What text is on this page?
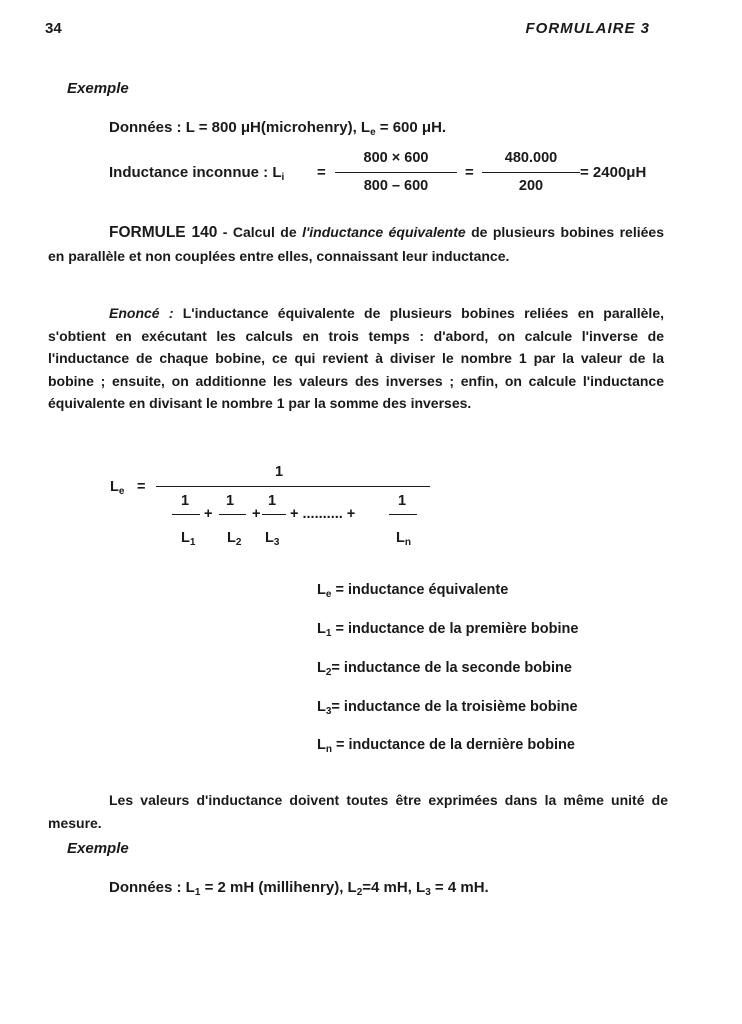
34	FORMULAIRE 3
Exemple
Données : L = 800 μH(microhenry), $L_e = 600$ μH.
Inductance inconnue : $L_i$ =
800 × 600
800 – 600
=
480.000
200
= 2400μH
FORMULE 140 - Calcul de l'inductance équivalente de plusieurs bobines reliées en parallèle et non couplées entre elles, connaissant leur inductance.
Enoncé : L'inductance équivalente de plusieurs bobines reliées en parallèle, s'obtient en exécutant les calculs en trois temps : d'abord, on calcule l'inverse de l'inductance de chaque bobine, ce qui revient à diviser le nombre 1 par la valeur de la bobine ; ensuite, on additionne les valeurs des inverses ; enfin, on calcule l'inductance équivalente en divisant le nombre 1 par la somme des inverses.
$L_e$ =
1
1	1 1	1
+	+ + .......... +
$L_1$ $L_2$ $L_3$	$L_n$
$L_e$ = inductance équivalente
$L_1$ = inductance de la première bobine
$L_2=$ inductance de la seconde bobine
$L_3=$ inductance de la troisième bobine
$L_n$ = inductance de la dernière bobine
Les valeurs d'inductance doivent toutes être exprimées dans la même unité de mesure.
Exemple
Données : $L_1 = 2$ mH (millihenry), $L_2=4$ mH, $L_3 = 4$ mH.
